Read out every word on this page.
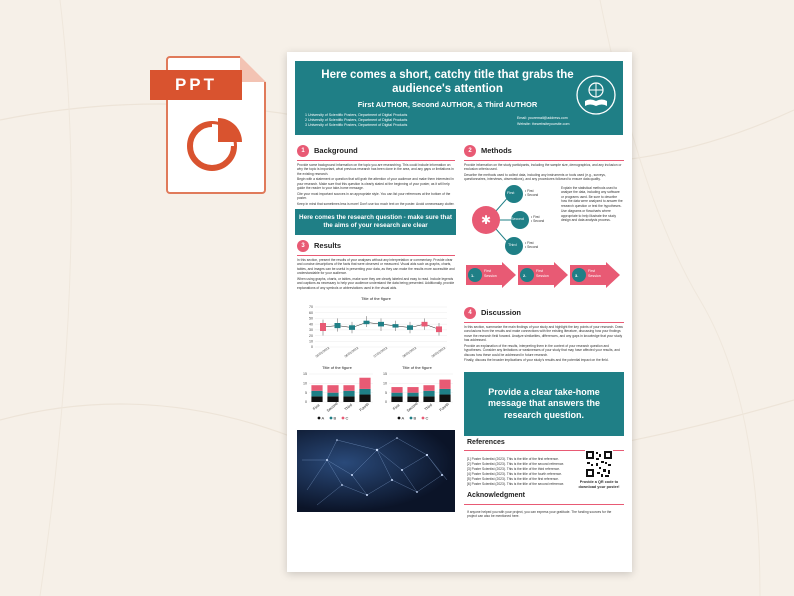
PPT	Here comes a short, catchy title that grabs the audience's attention
First AUTHOR, Second AUTHOR, & Third AUTHOR
1 University of Scientific Posters, Department of Digital Products
2 University of Scientific Posters, Department of Digital Products
3 University of Scientific Posters, Department of Digital Products
Email: youremail@address.com
Website: thewebsiteyoursite.com
1 Background

Provide some background information on the topic you are researching. This could include information on why the topic is important, what previous research has been done in the area, and any gaps or limitations in the existing research.

Begin with a statement or question that will grab the attention of your audience and make them interested in your research. Make sure that this question is clearly stated at the beginning of your poster, as it will help guide the reader to your take-home message.

Cite your most important sources in an appropriate style. You can list your references at the bottom of the poster.

Keep in mind that sometimes less is more! Don't use too much text on the poster. Avoid unnecessary clutter.

Here comes the research question - make sure that the aims of your research are clear
3 Results

In this section, present the results of your analyses without any interpretation or commentary. Provide clear and concise descriptions of the facts that were observed or measured. Visual aids such as graphs, charts, tables, and images can be useful in presenting your data, as they can make the results more accessible and understandable for your audience.

When using graphs, charts, or tables, make sure they are clearly labeled and easy to read. Include legends and captions as necessary to help your audience understand the data being presented. Additionally, provide explanations of any symbols or abbreviations used in the visual aids.

Title of the figure
0
10
20
30
40
50
60
70
05/01/2023	06/01/2023	07/01/2023	08/01/2023	09/01/2023
Title of the figure
0
5
10
15
First Second Third Fourth
A B C
Title of the figure
0
5
10
15
First Second Third Fourth
A B C
2 Methods

Provide information on the study participants, including the sample size, demographics, and any inclusion or exclusion criteria used.

Describe the methods used to collect data, including any instruments or tools used (e.g., surveys, questionnaires, interviews, observations), and any procedures followed to ensure data quality.

✱
First
Second
Third
• First
• Second
• First
• Second
• First
• Second

Explain the statistical methods used to analyze the data, including any software or programs used. Be sure to describe how the data were analyzed to answer the research question or test the hypotheses.

Use diagrams or flowcharts where appropriate to help illustrate the study design and data analysis process.

1.	2.	3.
First Session
First Session
First Session
4 Discussion

In this section, summarize the main findings of your study and highlight the key points of your research. Draw conclusions from the results and make connections with the existing literature, discussing how your findings move the research field forward. Analyze similarities, differences, and any gaps in knowledge that your study has addressed.

Provide an explanation of the results, interpreting them in the context of your research question and hypotheses. Consider any limitations or weaknesses of your study that may have affected your results, and discuss how these could be addressed in future research.

Finally, discuss the broader implications of your study's results and the potential impact on the field.

Provide a clear take-home message that answers the research question.
References
[1] Poster Scientist (2023). This is the title of the first reference.
[2] Poster Scientist (2023). This is the title of the second reference.
[3] Poster Scientist (2023). This is the title of the third reference.
[4] Poster Scientist (2023). This is the title of the fourth reference.
[5] Poster Scientist (2023). This is the title of the first reference.
[6] Poster Scientist (2023). This is the title of the second reference.	Provide a QR code to download your poster!
Acknowledgment
If anyone helped you with your project, you can express your gratitude. The funding sources for the project can also be mentioned here.
